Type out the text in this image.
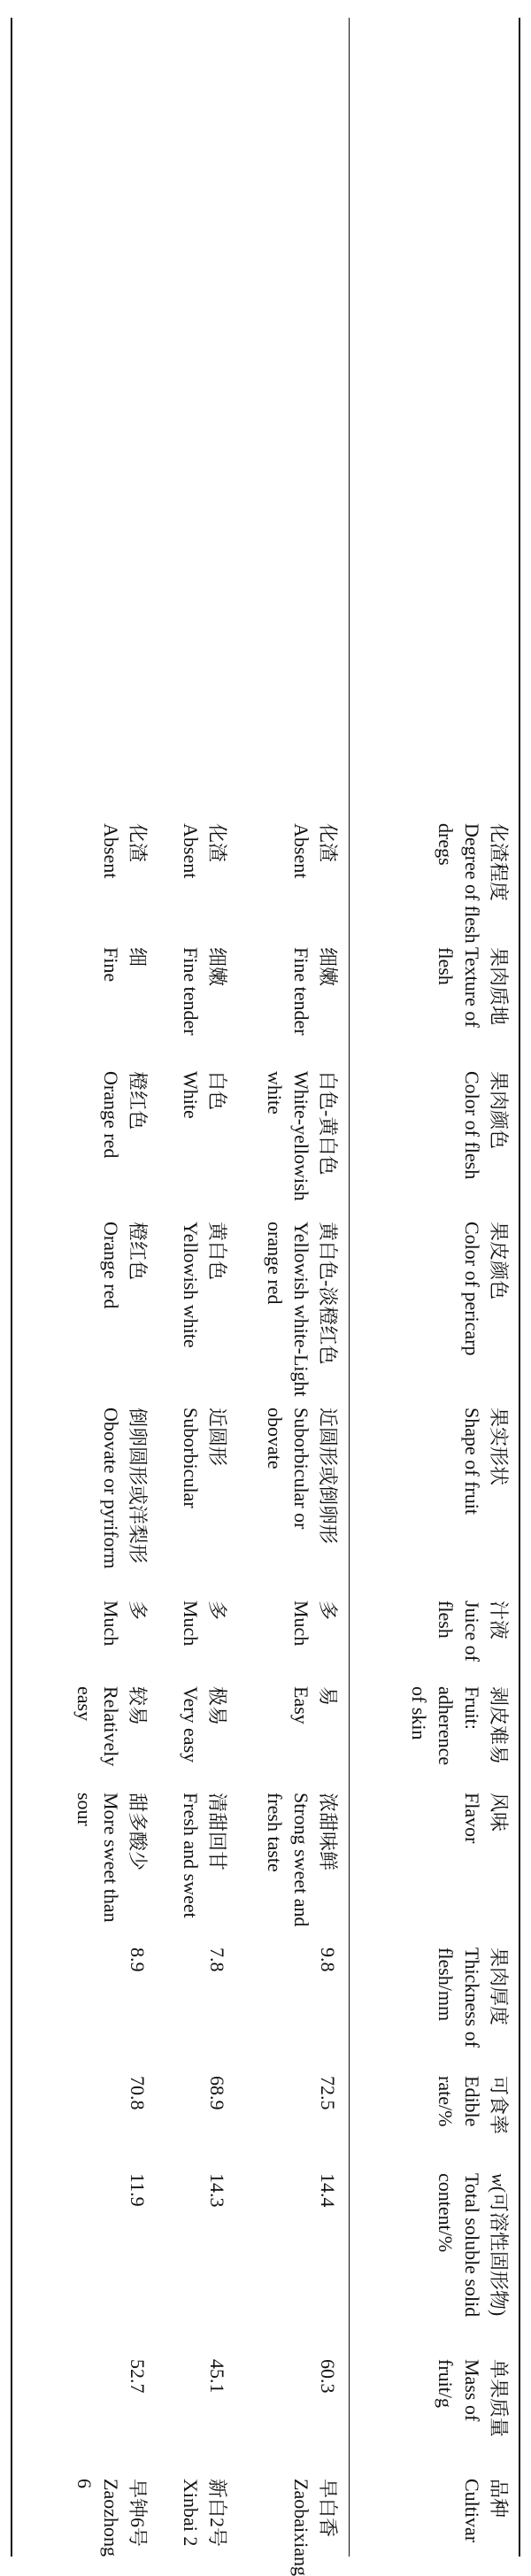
品种
Cultivar
单果质量
Mass of fruit/g
w(可溶性固形物)
Total soluble solid content/%
可食率
Edible rate/%
果肉厚度
Thickness of flesh/mm
风味
Flavor
剥皮难易
Fruit: adherence of skin
汁液
Juice of flesh
果实形状
Shape of fruit
果皮颜色
Color of pericarp
果肉颜色
Color of flesh
果肉质地
Texture of flesh
化渣程度
Degree of flesh dregs
早白香
Zaobaixiang
60.3
14.4
72.5
9.8
浓甜味鲜
Strong sweet and fresh taste
易
Easy
多
Much
近圆形或倒卵形
Suborbicular or obovate
黄白色-淡橙红色
Yellowish white-Light orange red
白色-黄白色
White-yellowish white
细嫩
Fine tender
化渣
Absent
新白2号
Xinbai 2
45.1
14.3
68.9
7.8
清甜回甘
Fresh and sweet
极易
Very easy
多
Much
近圆形
Suborbicular
黄白色
Yellowish white
白色
White
细嫩
Fine tender
化渣
Absent
早钟6号
Zaozhong 6
52.7
11.9
70.8
8.9
甜多酸少
More sweet than sour
较易
Relatively easy
多
Much
倒卵圆形或洋梨形
Obovate or pyriform
橙红色
Orange red
橙红色
Orange red
细
Fine
化渣
Absent
